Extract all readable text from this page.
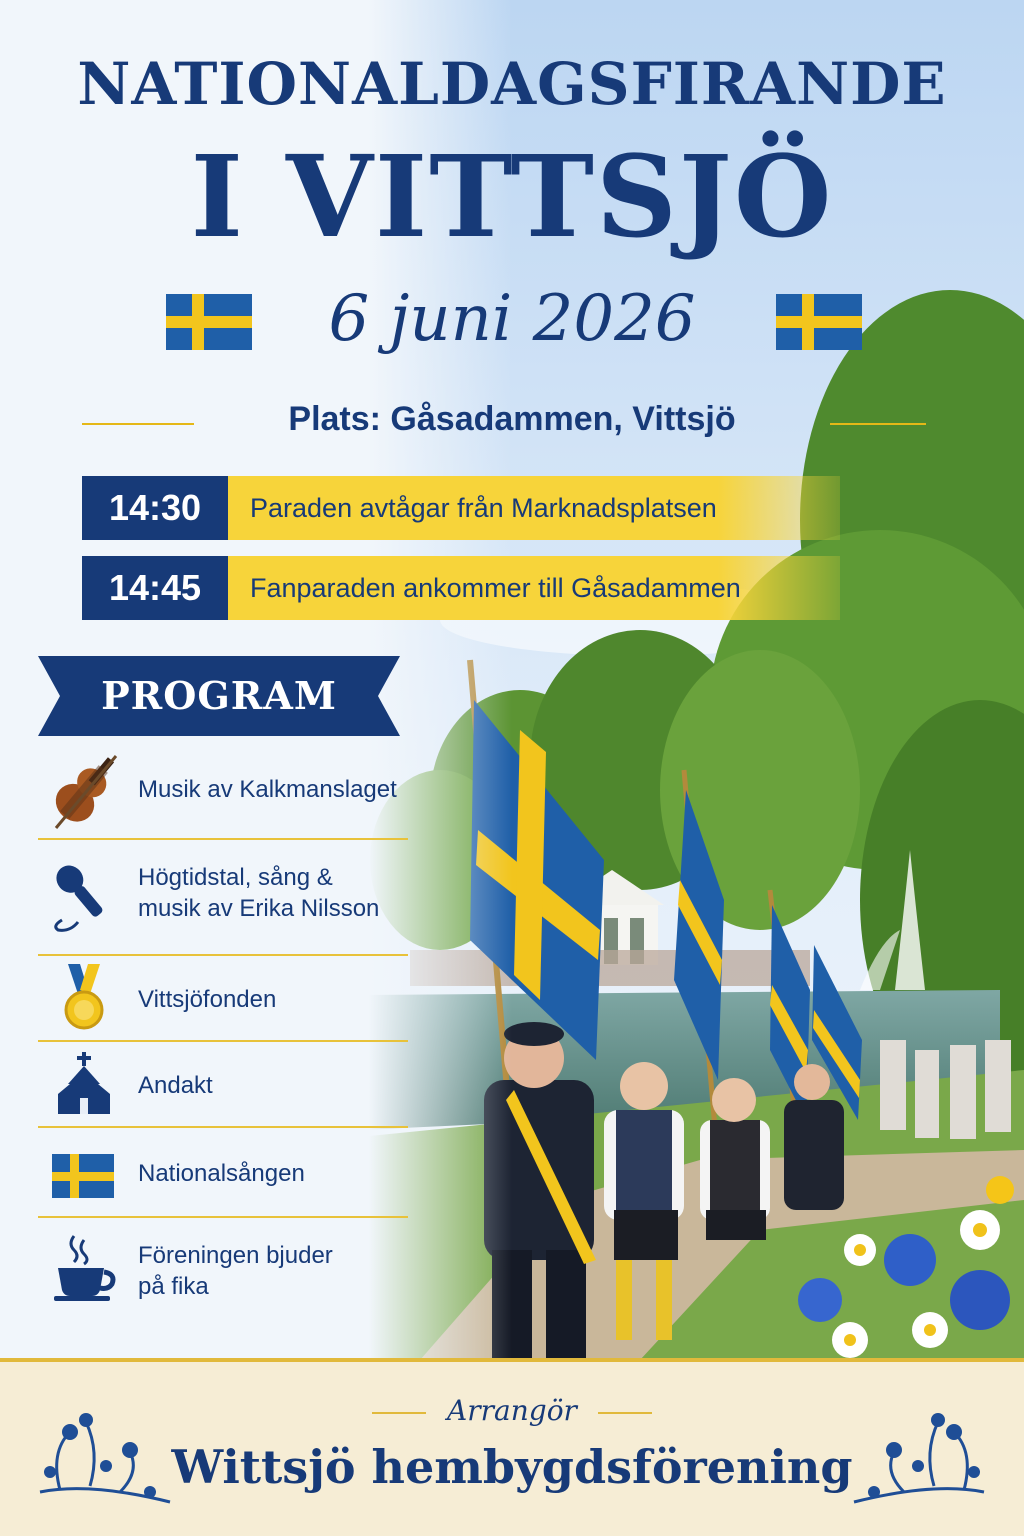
NATIONALDAGSFIRANDE
I VITTSJÖ
6 juni 2026
Plats: Gåsadammen, Vittsjö
14:30	Paraden avtågar från Marknadsplatsen
14:45	Fanparaden ankommer till Gåsadammen
PROGRAM
Musik av Kalkmanslaget
Högtidstal, sång &
musik av Erika Nilsson
Vittsjöfonden
Andakt
Nationalsången
Föreningen bjuder
på fika
Arrangör
Wittsjö hembygdsförening
